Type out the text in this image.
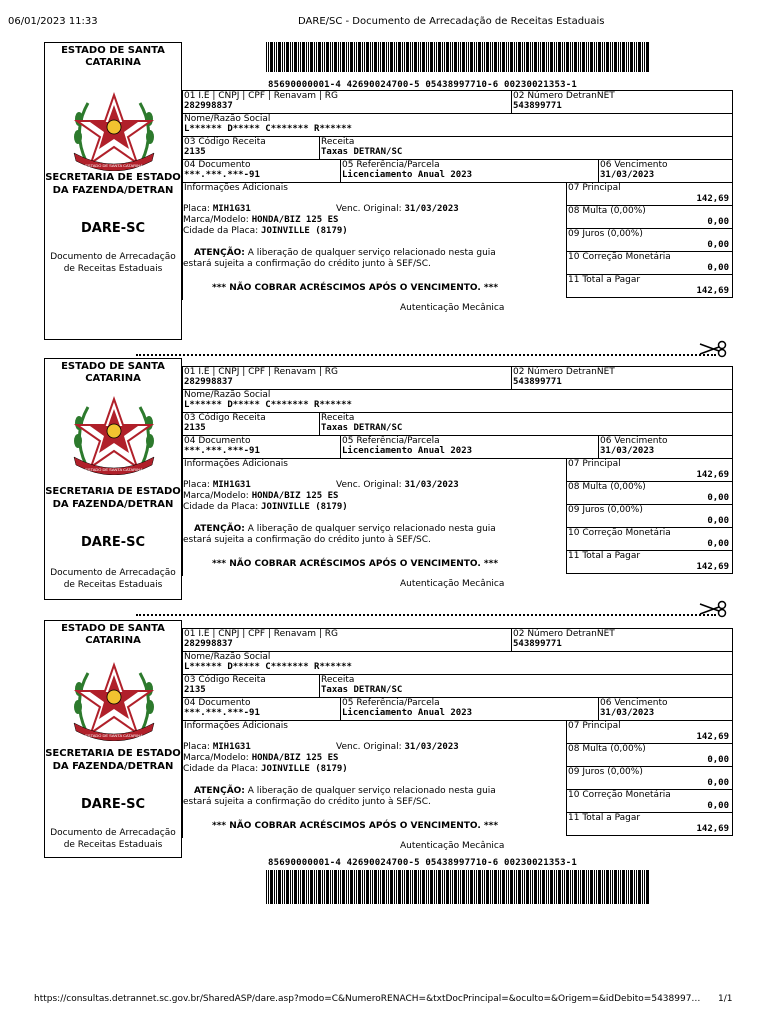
06/01/2023 11:33	DARE/SC - Documento de Arrecadação de Receitas Estaduais
85690000001-4 42690024700-5 05438997710-6 00230021353-1
ESTADO DE SANTA CATARINA
ESTADO DE SANTA CATARINA
SECRETARIA DE ESTADO DA FAZENDA/DETRAN
DARE-SC
Documento de Arrecadação de Receitas Estaduais
01 I.E | CNPJ | CPF | Renavam | RG
282998837
02 Número DetranNET
543899771
Nome/Razão Social
L****** D***** C******* R******
03 Código Receita
2135
Receita
Taxas DETRAN/SC
04 Documento
***.***.***-91
05 Referência/Parcela
Licenciamento Anual 2023
06 Vencimento
31/03/2023
Informações Adicionais
Placa: MIH1G31	Venc. Original: 31/03/2023
Marca/Modelo: HONDA/BIZ 125 ES
Cidade da Placa: JOINVILLE (8179)
ATENÇÃO: A liberação de qualquer serviço relacionado nesta guia
estará sujeita a confirmação do crédito junto à SEF/SC.
*** NÃO COBRAR ACRÉSCIMOS APÓS O VENCIMENTO. ***
07 Principal
142,69
08 Multa (0,00%)
0,00
09 Juros (0,00%)
0,00
10 Correção Monetária
0,00
11 Total a Pagar
142,69
Autenticação Mecânica
ESTADO DE SANTA CATARINA
ESTADO DE SANTA CATARINA
SECRETARIA DE ESTADO DA FAZENDA/DETRAN
DARE-SC
Documento de Arrecadação de Receitas Estaduais
01 I.E | CNPJ | CPF | Renavam | RG
282998837
02 Número DetranNET
543899771
Nome/Razão Social
L****** D***** C******* R******
03 Código Receita
2135
Receita
Taxas DETRAN/SC
04 Documento
***.***.***-91
05 Referência/Parcela
Licenciamento Anual 2023
06 Vencimento
31/03/2023
Informações Adicionais
Placa: MIH1G31	Venc. Original: 31/03/2023
Marca/Modelo: HONDA/BIZ 125 ES
Cidade da Placa: JOINVILLE (8179)
ATENÇÃO: A liberação de qualquer serviço relacionado nesta guia
estará sujeita a confirmação do crédito junto à SEF/SC.
*** NÃO COBRAR ACRÉSCIMOS APÓS O VENCIMENTO. ***
07 Principal
142,69
08 Multa (0,00%)
0,00
09 Juros (0,00%)
0,00
10 Correção Monetária
0,00
11 Total a Pagar
142,69
Autenticação Mecânica
ESTADO DE SANTA CATARINA
ESTADO DE SANTA CATARINA
SECRETARIA DE ESTADO DA FAZENDA/DETRAN
DARE-SC
Documento de Arrecadação de Receitas Estaduais
01 I.E | CNPJ | CPF | Renavam | RG
282998837
02 Número DetranNET
543899771
Nome/Razão Social
L****** D***** C******* R******
03 Código Receita
2135
Receita
Taxas DETRAN/SC
04 Documento
***.***.***-91
05 Referência/Parcela
Licenciamento Anual 2023
06 Vencimento
31/03/2023
Informações Adicionais
Placa: MIH1G31	Venc. Original: 31/03/2023
Marca/Modelo: HONDA/BIZ 125 ES
Cidade da Placa: JOINVILLE (8179)
ATENÇÃO: A liberação de qualquer serviço relacionado nesta guia
estará sujeita a confirmação do crédito junto à SEF/SC.
*** NÃO COBRAR ACRÉSCIMOS APÓS O VENCIMENTO. ***
07 Principal
142,69
08 Multa (0,00%)
0,00
09 Juros (0,00%)
0,00
10 Correção Monetária
0,00
11 Total a Pagar
142,69
Autenticação Mecânica
85690000001-4 42690024700-5 05438997710-6 00230021353-1
https://consultas.detrannet.sc.gov.br/SharedASP/dare.asp?modo=C&NumeroRENACH=&txtDocPrincipal=&oculto=&Origem=&idDebito=5438997… 1/1
